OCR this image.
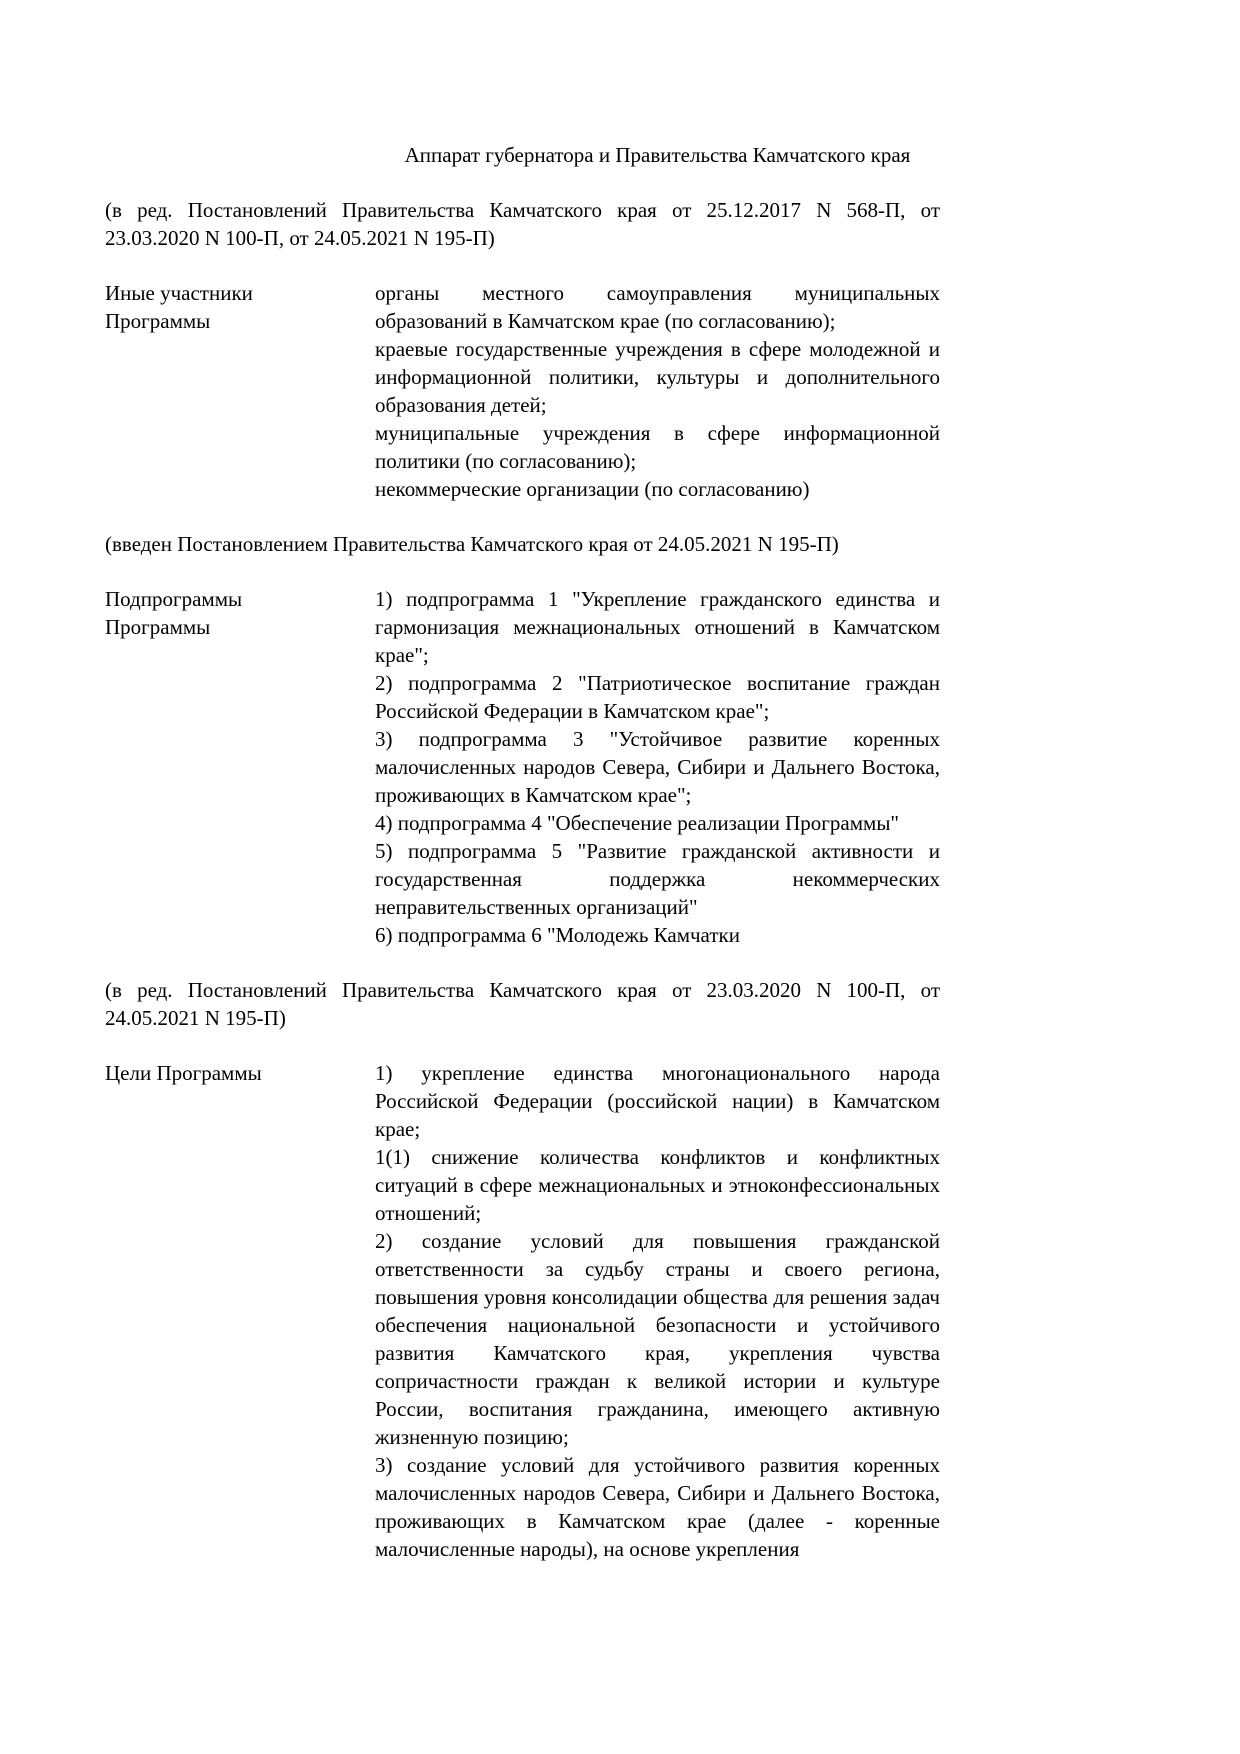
Аппарат губернатора и Правительства Камчатского края

(в ред. Постановлений Правительства Камчатского края от 25.12.2017 N 568-П, от 23.03.2020 N 100-П, от 24.05.2021 N 195-П)

Иные участники Программы

органы местного самоуправления муниципальных образований в Камчатском крае (по согласованию);

краевые государственные учреждения в сфере молодежной и информационной политики, культуры и дополнительного образования детей;

муниципальные учреждения в сфере информационной политики (по согласованию);

некоммерческие организации (по согласованию)

(введен Постановлением Правительства Камчатского края от 24.05.2021 N 195-П)

Подпрограммы Программы

1) подпрограмма 1 "Укрепление гражданского единства и гармонизация межнациональных отношений в Камчатском крае";

2) подпрограмма 2 "Патриотическое воспитание граждан Российской Федерации в Камчатском крае";

3) подпрограмма 3 "Устойчивое развитие коренных малочисленных народов Севера, Сибири и Дальнего Востока, проживающих в Камчатском крае";

4) подпрограмма 4 "Обеспечение реализации Программы"

5) подпрограмма 5 "Развитие гражданской активности и государственная поддержка некоммерческих неправительственных организаций"

6) подпрограмма 6 "Молодежь Камчатки

(в ред. Постановлений Правительства Камчатского края от 23.03.2020 N 100-П, от 24.05.2021 N 195-П)

Цели Программы	1) укрепление единства многонационального народа Российской Федерации (российской нации) в Камчатском крае;

1(1) снижение количества конфликтов и конфликтных ситуаций в сфере межнациональных и этноконфессиональных отношений;

2) создание условий для повышения гражданской ответственности за судьбу страны и своего региона, повышения уровня консолидации общества для решения задач обеспечения национальной безопасности и устойчивого развития Камчатского края, укрепления чувства сопричастности граждан к великой истории и культуре России, воспитания гражданина, имеющего активную жизненную позицию;

3) создание условий для устойчивого развития коренных малочисленных народов Севера, Сибири и Дальнего Востока, проживающих в Камчатском крае (далее - коренные малочисленные народы), на основе укрепления
